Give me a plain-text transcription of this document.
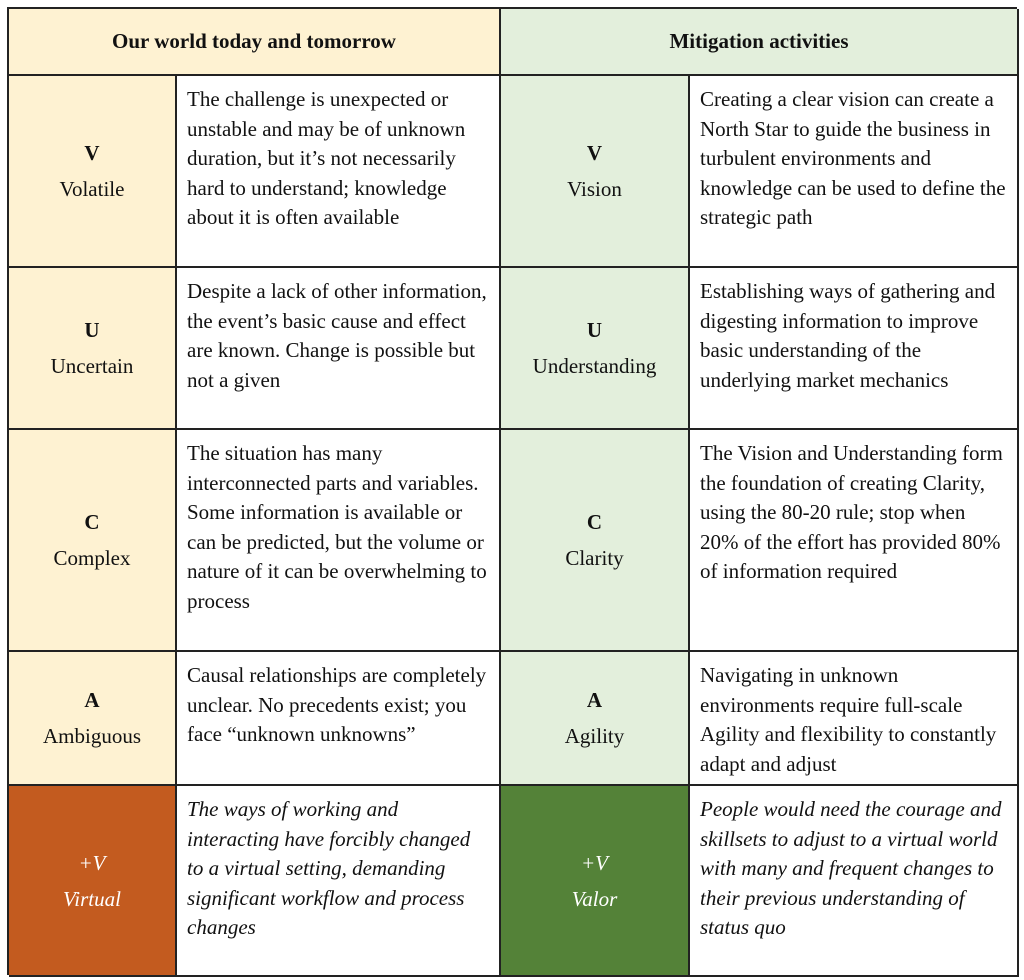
Our world today and tomorrow	Mitigation activities
V
Volatile
The challenge is unexpected or unstable and may be of unknown duration, but it’s not necessarily hard to understand; knowledge about it is often available
V
Vision
Creating a clear vision can create a North Star to guide the business in turbulent environments and knowledge can be used to define the strategic path
U
Uncertain
Despite a lack of other information, the event’s basic cause and effect are known. Change is possible but not a given
U
Understanding
Establishing ways of gathering and digesting information to improve basic understanding of the underlying market mechanics
C
Complex
The situation has many interconnected parts and variables. Some information is available or can be predicted, but the volume or nature of it can be overwhelming to process
C
Clarity
The Vision and Understanding form the foundation of creating Clarity, using the 80-20 rule; stop when 20% of the effort has provided 80% of information required
A
Ambiguous
Causal relationships are completely unclear. No precedents exist; you face “unknown unknowns”
A
Agility
Navigating in unknown environments require full-scale Agility and flexibility to constantly adapt and adjust
+V
Virtual
The ways of working and interacting have forcibly changed to a virtual setting, demanding significant workflow and process changes
+V
Valor
People would need the courage and skillsets to adjust to a virtual world with many and frequent changes to their previous understanding of status quo
